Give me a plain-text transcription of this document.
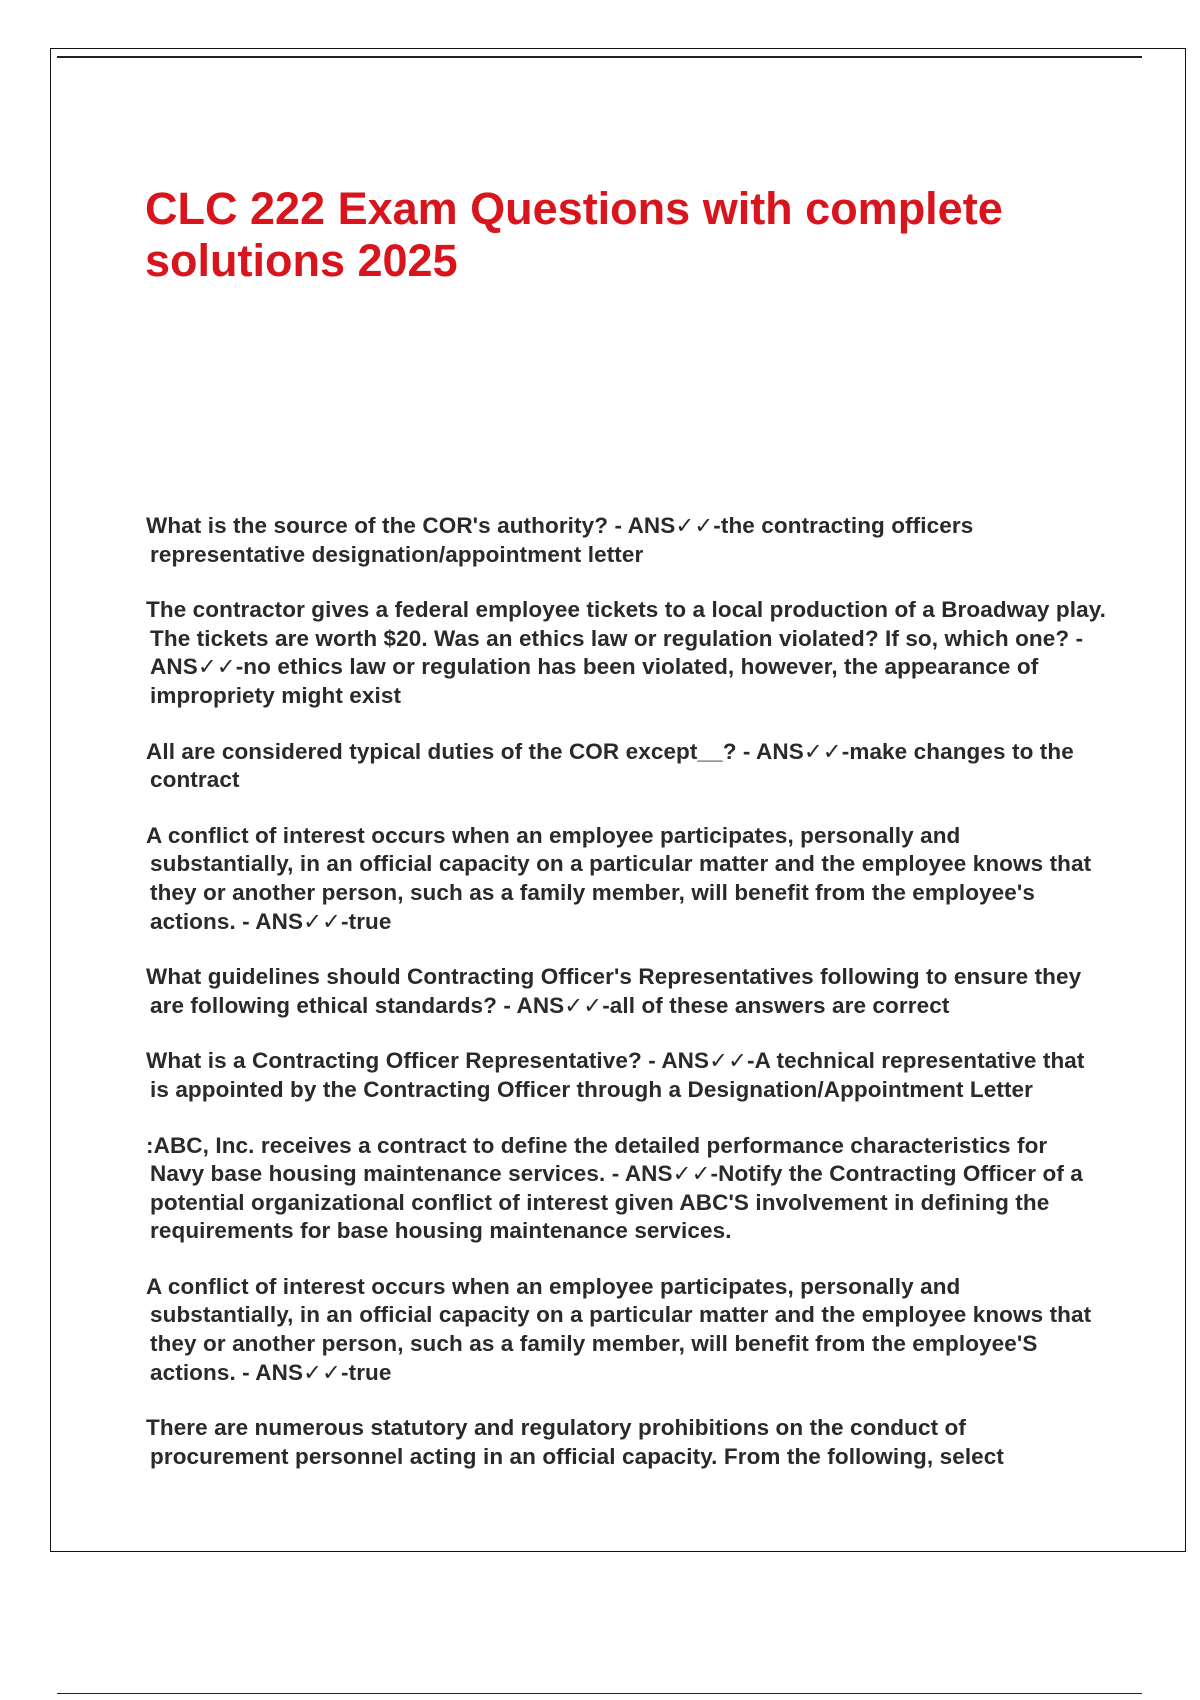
CLC 222 Exam Questions with complete solutions 2025

What is the source of the COR's authority? - ANS✓✓-the contracting officers representative designation/appointment letter

The contractor gives a federal employee tickets to a local production of a Broadway play. The tickets are worth $20. Was an ethics law or regulation violated? If so, which one? - ANS✓✓-no ethics law or regulation has been violated, however, the appearance of impropriety might exist

All are considered typical duties of the COR except__? - ANS✓✓-make changes to the contract

A conflict of interest occurs when an employee participates, personally and substantially, in an official capacity on a particular matter and the employee knows that they or another person, such as a family member, will benefit from the employee's actions. - ANS✓✓-true

What guidelines should Contracting Officer's Representatives following to ensure they are following ethical standards? - ANS✓✓-all of these answers are correct

What is a Contracting Officer Representative? - ANS✓✓-A technical representative that is appointed by the Contracting Officer through a Designation/Appointment Letter

:ABC, Inc. receives a contract to define the detailed performance characteristics for Navy base housing maintenance services. - ANS✓✓-Notify the Contracting Officer of a potential organizational conflict of interest given ABC'S involvement in defining the requirements for base housing maintenance services.

A conflict of interest occurs when an employee participates, personally and substantially, in an official capacity on a particular matter and the employee knows that they or another person, such as a family member, will benefit from the employee'S actions. - ANS✓✓-true

There are numerous statutory and regulatory prohibitions on the conduct of procurement personnel acting in an official capacity. From the following, select
